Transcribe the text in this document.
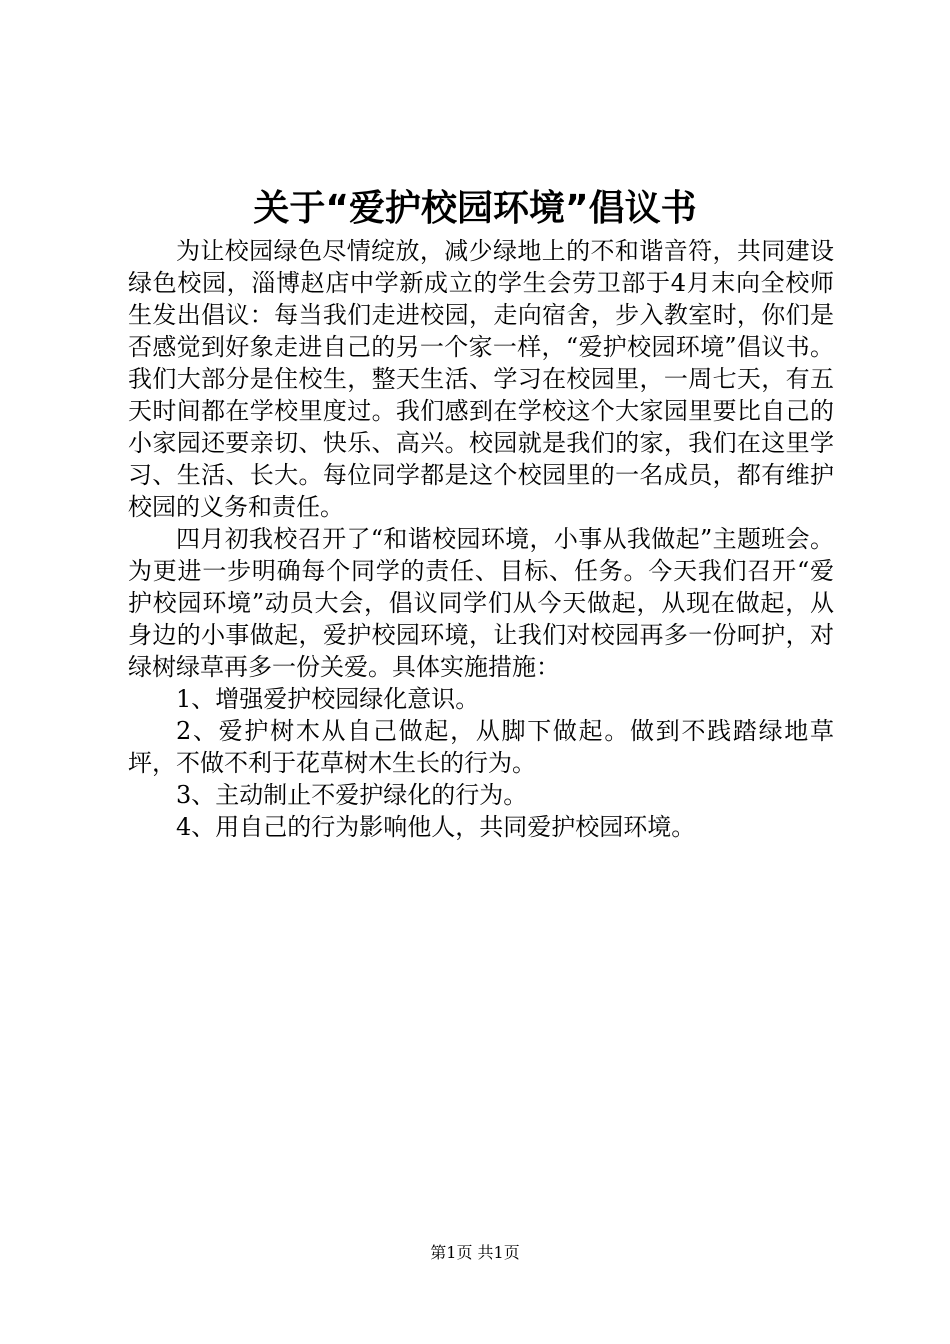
关于“爱护校园环境”倡议书

为让校园绿色尽情绽放，减少绿地上的不和谐音符，共同建设绿色校园，淄博赵店中学新成立的学生会劳卫部于4月末向全校师生发出倡议：每当我们走进校园，走向宿舍，步入教室时，你们是否感觉到好象走进自己的另一个家一样，“爱护校园环境”倡议书。我们大部分是住校生，整天生活、学习在校园里，一周七天，有五天时间都在学校里度过。我们感到在学校这个大家园里要比自己的小家园还要亲切、快乐、高兴。校园就是我们的家，我们在这里学习、生活、长大。每位同学都是这个校园里的一名成员，都有维护校园的义务和责任。

四月初我校召开了“和谐校园环境，小事从我做起”主题班会。为更进一步明确每个同学的责任、目标、任务。今天我们召开“爱护校园环境”动员大会，倡议同学们从今天做起，从现在做起，从身边的小事做起，爱护校园环境，让我们对校园再多一份呵护，对绿树绿草再多一份关爱。具体实施措施：

1、增强爱护校园绿化意识。

2、爱护树木从自己做起，从脚下做起。做到不践踏绿地草坪，不做不利于花草树木生长的行为。

3、主动制止不爱护绿化的行为。

4、用自己的行为影响他人，共同爱护校园环境。

第1页 共1页
